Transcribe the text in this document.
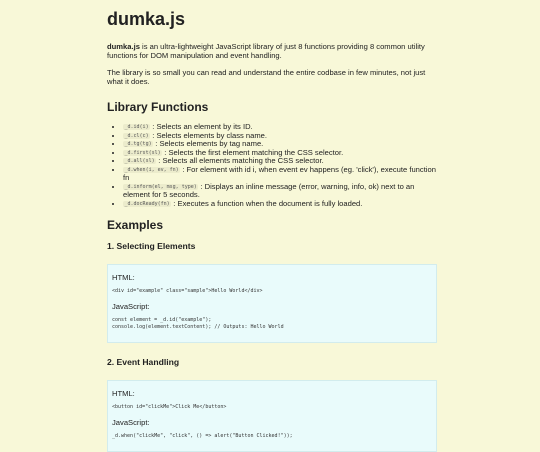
dumka.js

dumka.js is an ultra-lightweight JavaScript library of just 8 functions providing 8 common utility functions for DOM manipulation and event handling.

The library is so small you can read and understand the entire codbase in few minutes, not just what it does.

Library Functions
• _d.id(i) : Selects an element by its ID.
• _d.cl(c) : Selects elements by class name.
• _d.tg(tg) : Selects elements by tag name.
• _d.first(sl) : Selects the first element matching the CSS selector.
• _d.all(sl) : Selects all elements matching the CSS selector.
• _d.when(i, ev, fn) : For element with id i, when event ev happens (eg. 'click'), execute function fn
• _d.inform(el, msg, type) : Displays an inline message (error, warning, info, ok) next to an element for 5 seconds.
• _d.docReady(fn) : Executes a function when the document is fully loaded.
Examples
1. Selecting Elements

HTML:

<div id="example" class="sample">Hello World</div>

JavaScript:

const element = _d.id("example");
console.log(element.textContent); // Outputs: Hello World
2. Event Handling

HTML:

<button id="clickMe">Click Me</button>

JavaScript:

_d.when("clickMe", "click", () => alert("Button Clicked!"));
